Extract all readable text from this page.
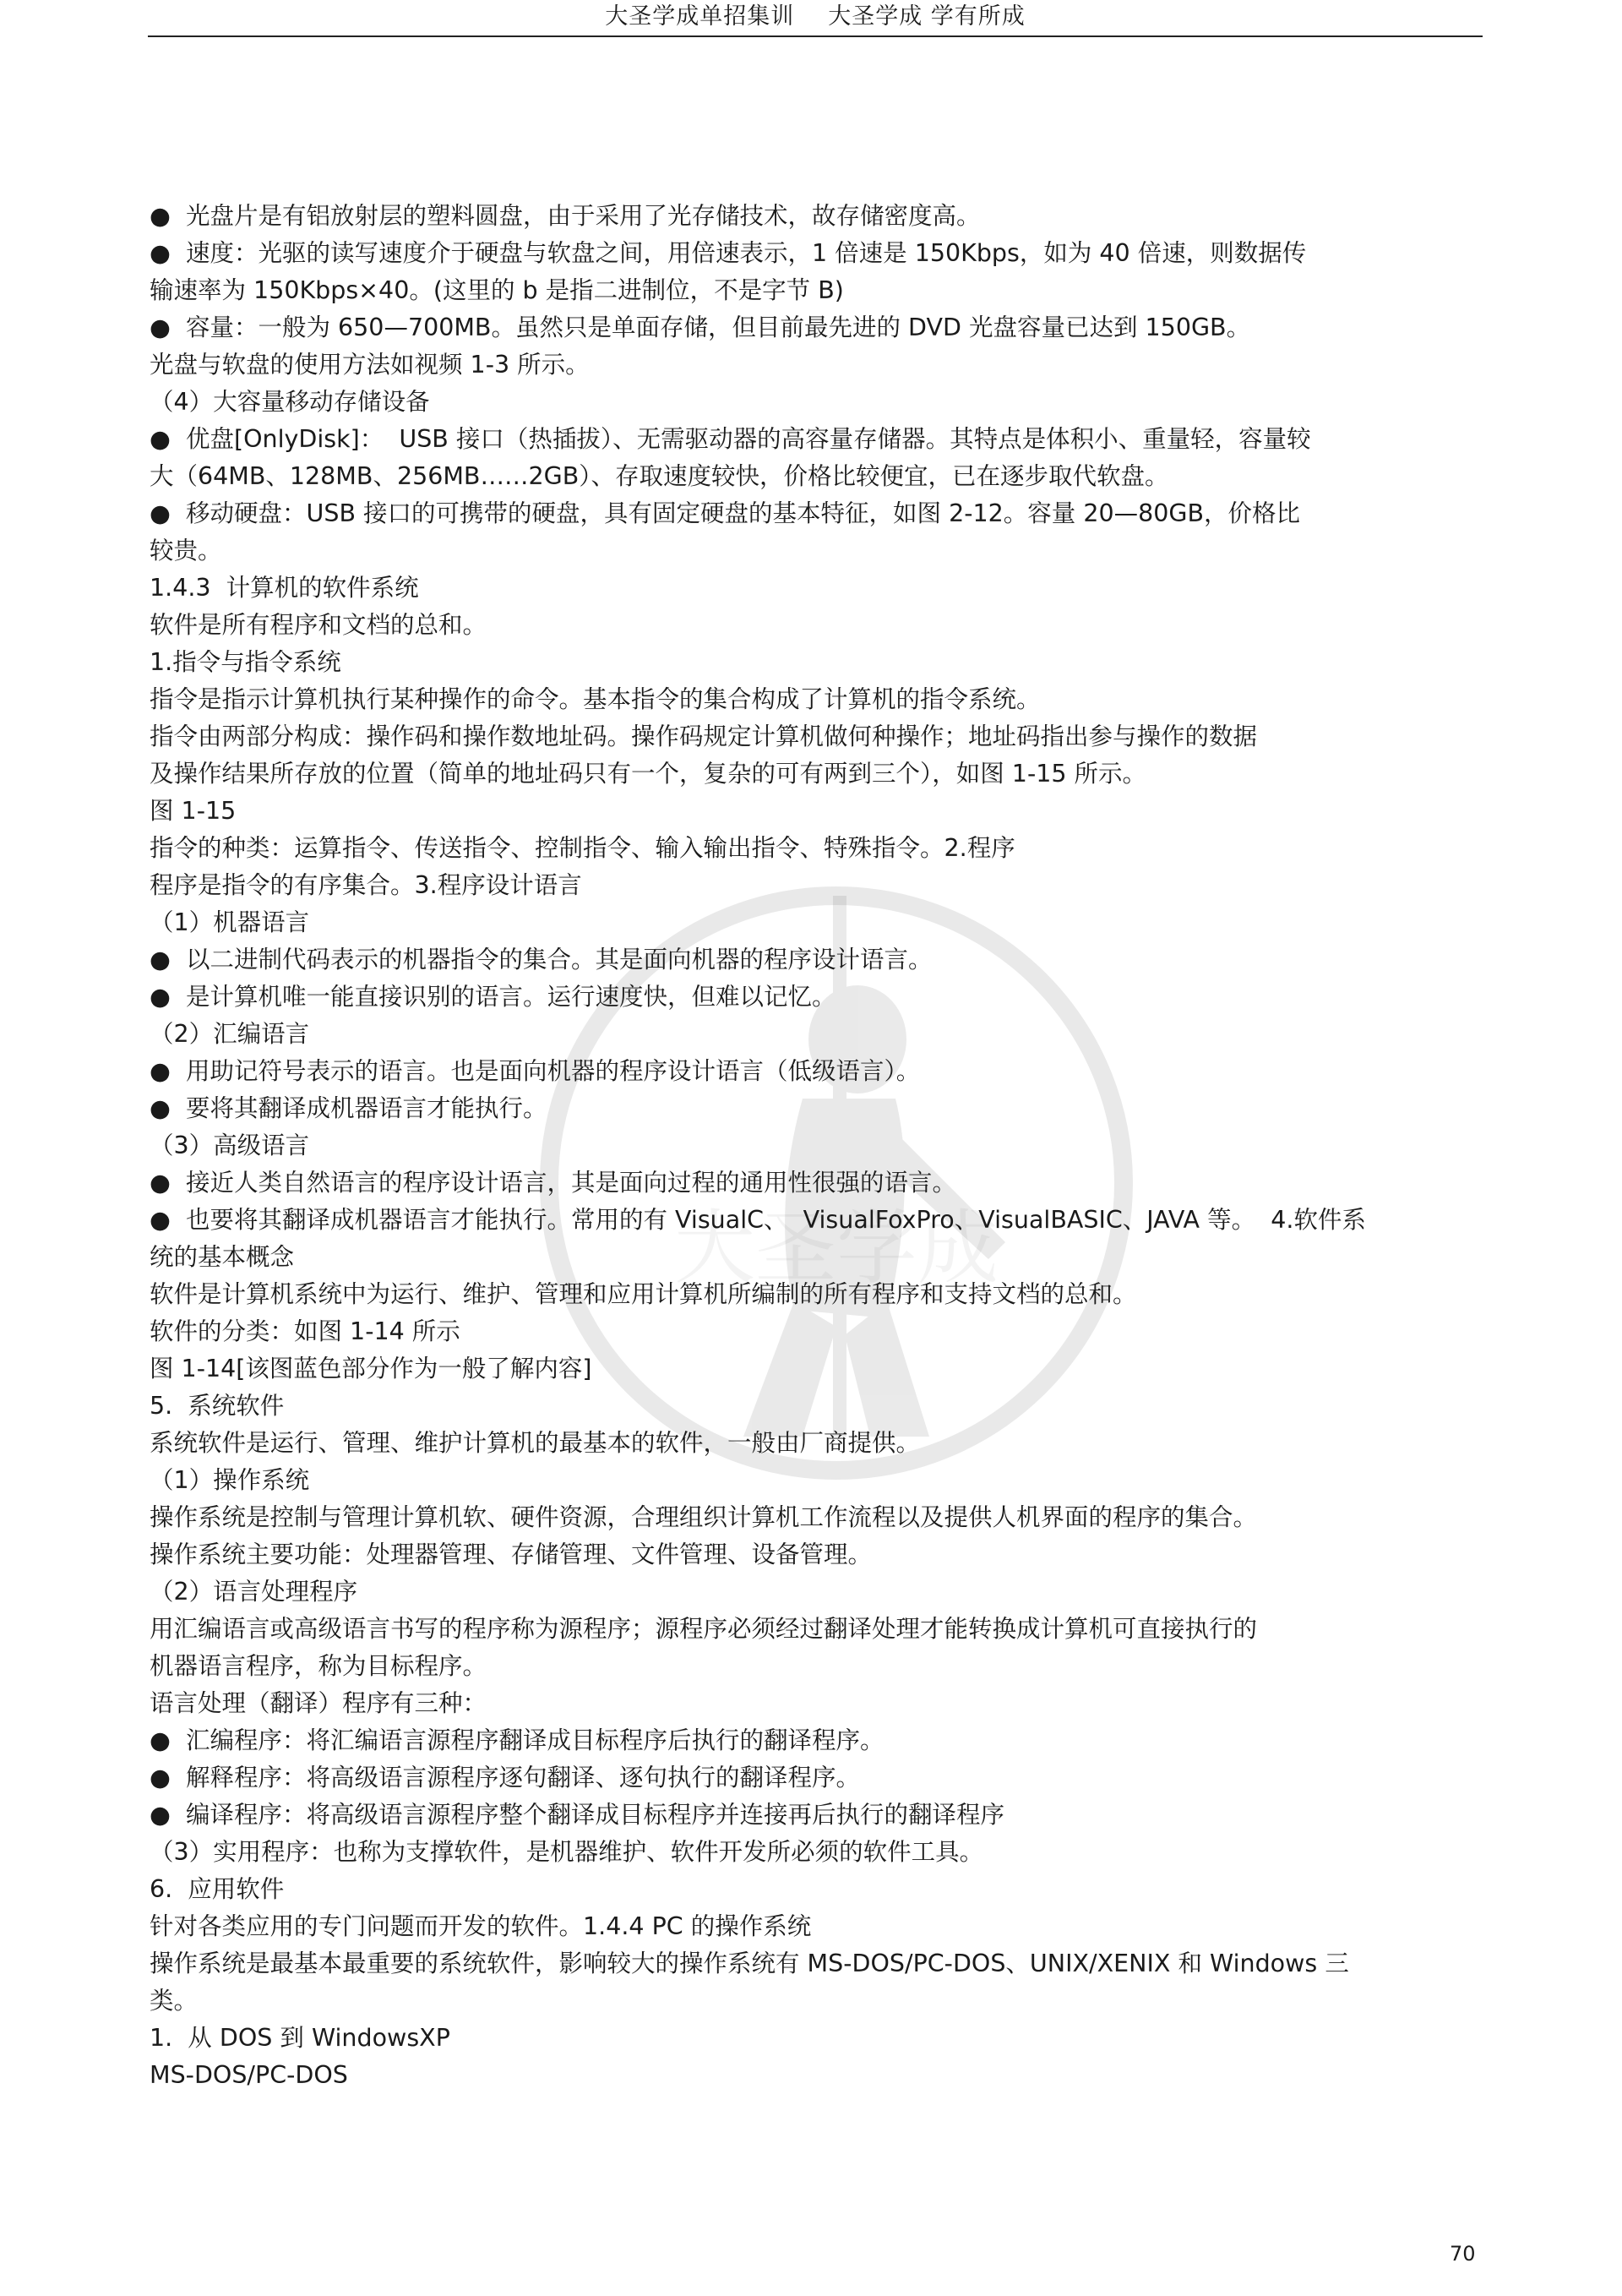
大圣学成单招集训 大圣学成 学有所成
大圣学成
●  光盘片是有铝放射层的塑料圆盘，由于采用了光存储技术，故存储密度高。
●  速度：光驱的读写速度介于硬盘与软盘之间，用倍速表示，1 倍速是 150Kbps，如为 40 倍速，则数据传
输速率为 150Kbps×40。(这里的 b 是指二进制位，不是字节 B)
●  容量：一般为 650—700MB。虽然只是单面存储，但目前最先进的 DVD 光盘容量已达到 150GB。
光盘与软盘的使用方法如视频 1-3 所示。
（4）大容量移动存储设备
●  优盘[OnlyDisk]：  USB 接口（热插拔）、无需驱动器的高容量存储器。其特点是体积小、重量轻，容量较
大（64MB、128MB、256MB……2GB）、存取速度较快，价格比较便宜，已在逐步取代软盘。
●  移动硬盘：USB 接口的可携带的硬盘，具有固定硬盘的基本特征，如图 2-12。容量 20—80GB，价格比
较贵。
1.4.3  计算机的软件系统
软件是所有程序和文档的总和。
1.指令与指令系统
指令是指示计算机执行某种操作的命令。基本指令的集合构成了计算机的指令系统。
指令由两部分构成：操作码和操作数地址码。操作码规定计算机做何种操作；地址码指出参与操作的数据
及操作结果所存放的位置（简单的地址码只有一个，复杂的可有两到三个），如图 1-15 所示。
图 1-15
指令的种类：运算指令、传送指令、控制指令、输入输出指令、特殊指令。2.程序
程序是指令的有序集合。3.程序设计语言
（1）机器语言
●  以二进制代码表示的机器指令的集合。其是面向机器的程序设计语言。
●  是计算机唯一能直接识别的语言。运行速度快，但难以记忆。
（2）汇编语言
●  用助记符号表示的语言。也是面向机器的程序设计语言（低级语言）。
●  要将其翻译成机器语言才能执行。
（3）高级语言
●  接近人类自然语言的程序设计语言，其是面向过程的通用性很强的语言。
●  也要将其翻译成机器语言才能执行。常用的有 VisualC、  VisualFoxPro、VisualBASIC、JAVA 等。  4.软件系
统的基本概念
软件是计算机系统中为运行、维护、管理和应用计算机所编制的所有程序和支持文档的总和。
软件的分类：如图 1-14 所示
图 1-14[该图蓝色部分作为一般了解内容]
5.  系统软件
系统软件是运行、管理、维护计算机的最基本的软件，一般由厂商提供。
（1）操作系统
操作系统是控制与管理计算机软、硬件资源，合理组织计算机工作流程以及提供人机界面的程序的集合。
操作系统主要功能：处理器管理、存储管理、文件管理、设备管理。
（2）语言处理程序
用汇编语言或高级语言书写的程序称为源程序；源程序必须经过翻译处理才能转换成计算机可直接执行的
机器语言程序，称为目标程序。
语言处理（翻译）程序有三种：
●  汇编程序：将汇编语言源程序翻译成目标程序后执行的翻译程序。
●  解释程序：将高级语言源程序逐句翻译、逐句执行的翻译程序。
●  编译程序：将高级语言源程序整个翻译成目标程序并连接再后执行的翻译程序
（3）实用程序：也称为支撑软件，是机器维护、软件开发所必须的软件工具。
6.  应用软件
针对各类应用的专门问题而开发的软件。1.4.4 PC 的操作系统
操作系统是最基本最重要的系统软件，影响较大的操作系统有 MS-DOS/PC-DOS、UNIX/XENIX 和 Windows 三
类。
1.  从 DOS 到 WindowsXP
MS-DOS/PC-DOS
70
